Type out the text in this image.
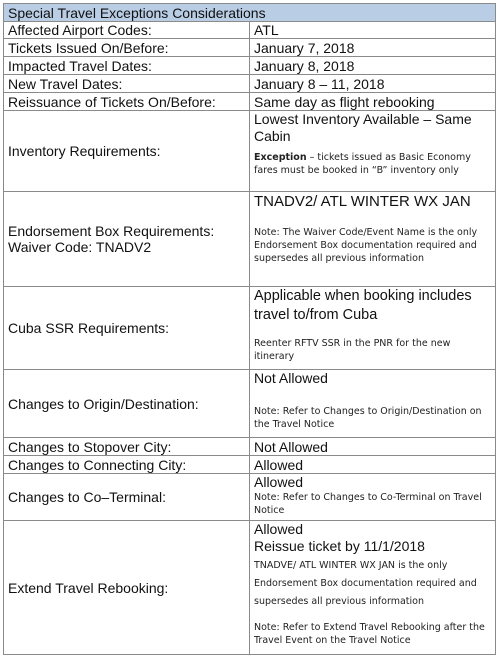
Special Travel Exceptions Considerations	
Affected Airport Codes:	ATL
Tickets Issued On/Before:	January 7, 2018
Impacted Travel Dates:	January 8, 2018
New Travel Dates:	January 8 – 11, 2018
Reissuance of Tickets On/Before:	Same day as flight rebooking
Inventory Requirements:	Lowest Inventory Available – Same Cabin
Exception – tickets issued as Basic Economy fares must be booked in “B” inventory only

Endorsement Box Requirements:
Waiver Code: TNADV2	TNADV2/ ATL WINTER WX JAN
Note: The Waiver Code/Event Name is the only Endorsement Box documentation required and supersedes all previous information

Cuba SSR Requirements:	Applicable when booking includes travel to/from Cuba
Reenter RFTV SSR in the PNR for the new itinerary

Changes to Origin/Destination:	Not Allowed
Note: Refer to Changes to Origin/Destination on the Travel Notice

Changes to Stopover City:	Not Allowed
Changes to Connecting City:	Allowed
Changes to Co–Terminal:	Allowed
Note: Refer to Changes to Co-Terminal on Travel Notice

Extend Travel Rebooking:	Allowed
Reissue ticket by 11/1/2018
TNADVE/ ATL WINTER WX JAN is the only Endorsement Box documentation required and supersedes all previous information
Note: Refer to Extend Travel Rebooking after the Travel Event on the Travel Notice
